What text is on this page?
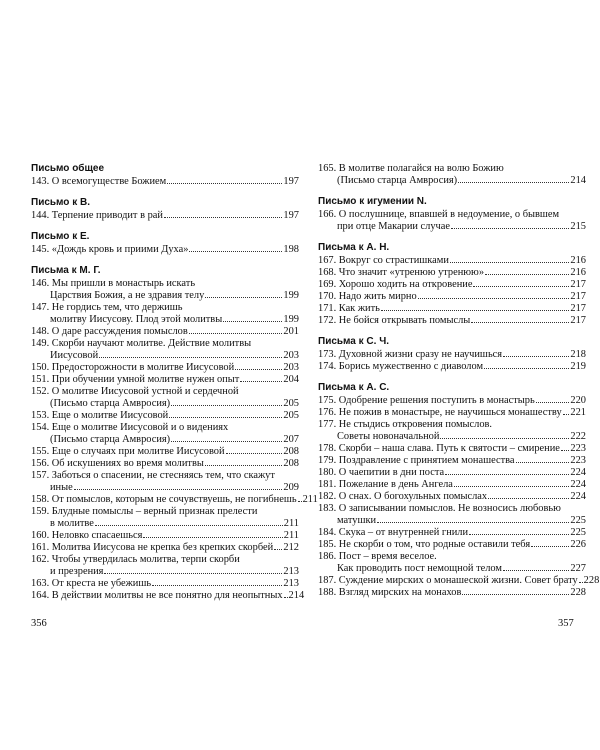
Письмо общее
143. О всемогуществе Божием	197
Письмо к В.
144. Терпение приводит в рай	197
Письмо к Е.
145. «Дождь кровь и приими Духа»	198
Письма к М. Г.
146. Мы пришли в монастырь искать
Царствия Божия, а не здравия телу	199
147. Не гордись тем, что держишь
молитву Иисусову. Плод этой молитвы	199
148. О даре рассуждения помыслов	201
149. Скорби научают молитве. Действие молитвы
Иисусовой	203
150. Предосторожности в молитве Иисусовой	203
151. При обучении умной молитве нужен опыт	204
152. О молитве Иисусовой устной и сердечной
(Письмо старца Амвросия)	205
153. Еще о молитве Иисусовой	205
154. Еще о молитве Иисусовой и о видениях
(Письмо старца Амвросия)	207
155. Еще о случаях при молитве Иисусовой	208
156. Об искушениях во время молитвы	208
157. Заботься о спасении, не стесняясь тем, что скажут
иные	209
158. От помыслов, которым не сочувствуешь, не погибнешь 211
159. Блудные помыслы – верный признак прелести
в молитве	211
160. Неловко спасаешься	211
161. Молитва Иисусова не крепка без крепких скорбей 212
162. Чтобы утвердилась молитва, терпи скорби
и презрения	213
163. От креста не убежишь	213
164. В действии молитвы не все понятно для неопытных 214
165. В молитве полагайся на волю Божию
(Письмо старца Амвросия)	214
Письмо к игумении N.
166. О послушнице, впавшей в недоумение, о бывшем
при отце Макарии случае	215
Письма к А. Н.
167. Вокруг со страстишками	216
168. Что значит «утренюю утренюю»	216
169. Хорошо ходить на откровение	217
170. Надо жить мирно	217
171. Как жить	217
172. Не бойся открывать помыслы	217
Письма к С. Ч.
173. Духовной жизни сразу не научишься	218
174. Борись мужественно с диаволом	219
Письма к А. С.
175. Одобрение решения поступить в монастырь	220
176. Не пожив в монастыре, не научишься монашеству 221
177. Не стыдись откровения помыслов.
Советы новоначальной	222
178. Скорби – наша слава. Путь к святости – смирение 223
179. Поздравление с принятием монашества	223
180. О чаепитии в дни поста	224
181. Пожелание в день Ангела	224
182. О снах. О богохульных помыслах	224
183. О записывании помыслов. Не возносись любовью
матушки	225
184. Скука – от внутренней гнили	225
185. Не скорби о том, что родные оставили тебя	226
186. Пост – время веселое.
Как проводить пост немощной телом	227
187. Суждение мирских о монашеской жизни. Совет брату 228
188. Взгляд мирских на монахов	228
356	357
